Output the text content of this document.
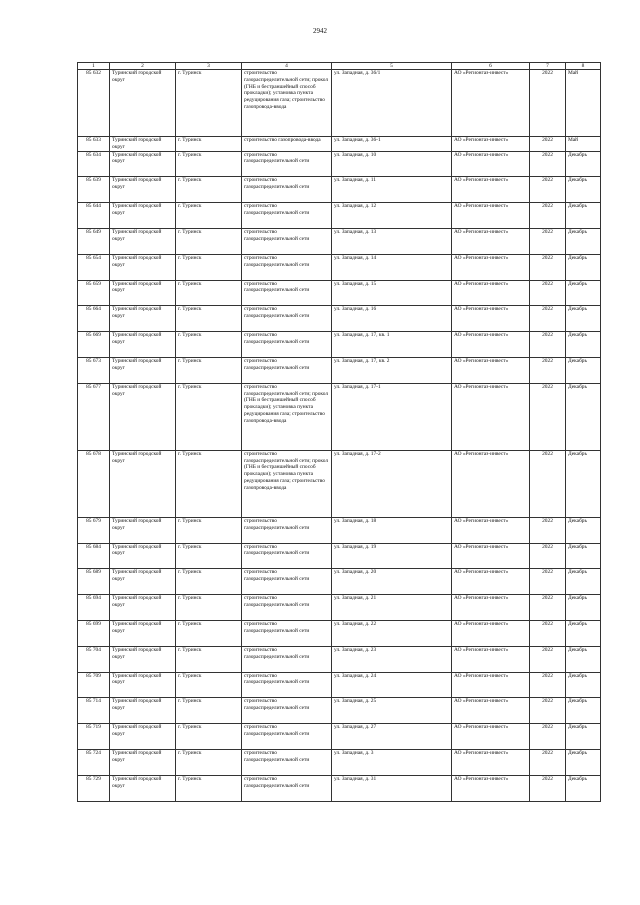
2942
1	2	3	4	5	6	7	8
85 632	Туринский городской округ	г. Туринск	строительство газораспределительной сети; прокол (ГНБ и бестраншейный способ прокладки); установка пункта редуцирования газа; строительство газопровода-ввода	ул. Западная, д. 36/1	АО «Регионгаз-инвест»	2022	Май
85 633	Туринский городской округ	г. Туринск	строительство газопровода-ввода	ул. Западная, д. 36-1	АО «Регионгаз-инвест»	2022	Май
85 634	Туринский городской округ	г. Туринск	строительство газораспределительной сети	ул. Западная, д. 10	АО «Регионгаз-инвест»	2022	Декабрь
85 639	Туринский городской округ	г. Туринск	строительство газораспределительной сети	ул. Западная, д. 11	АО «Регионгаз-инвест»	2022	Декабрь
85 644	Туринский городской округ	г. Туринск	строительство газораспределительной сети	ул. Западная, д. 12	АО «Регионгаз-инвест»	2022	Декабрь
85 649	Туринский городской округ	г. Туринск	строительство газораспределительной сети	ул. Западная, д. 13	АО «Регионгаз-инвест»	2022	Декабрь
85 654	Туринский городской округ	г. Туринск	строительство газораспределительной сети	ул. Западная, д. 14	АО «Регионгаз-инвест»	2022	Декабрь
85 659	Туринский городской округ	г. Туринск	строительство газораспределительной сети	ул. Западная, д. 15	АО «Регионгаз-инвест»	2022	Декабрь
85 664	Туринский городской округ	г. Туринск	строительство газораспределительной сети	ул. Западная, д. 16	АО «Регионгаз-инвест»	2022	Декабрь
85 669	Туринский городской округ	г. Туринск	строительство газораспределительной сети	ул. Западная, д. 17, кв. 1	АО «Регионгаз-инвест»	2022	Декабрь
85 673	Туринский городской округ	г. Туринск	строительство газораспределительной сети	ул. Западная, д. 17, кв. 2	АО «Регионгаз-инвест»	2022	Декабрь
85 677	Туринский городской округ	г. Туринск	строительство газораспределительной сети; прокол (ГНБ и бестраншейный способ прокладки); установка пункта редуцирования газа; строительство газопровода-ввода	ул. Западная, д. 17-1	АО «Регионгаз-инвест»	2022	Декабрь
85 678	Туринский городской округ	г. Туринск	строительство газораспределительной сети; прокол (ГНБ и бестраншейный способ прокладки); установка пункта редуцирования газа; строительство газопровода-ввода	ул. Западная, д. 17-2	АО «Регионгаз-инвест»	2022	Декабрь
85 679	Туринский городской округ	г. Туринск	строительство газораспределительной сети	ул. Западная, д. 18	АО «Регионгаз-инвест»	2022	Декабрь
85 684	Туринский городской округ	г. Туринск	строительство газораспределительной сети	ул. Западная, д. 19	АО «Регионгаз-инвест»	2022	Декабрь
85 689	Туринский городской округ	г. Туринск	строительство газораспределительной сети	ул. Западная, д. 20	АО «Регионгаз-инвест»	2022	Декабрь
85 694	Туринский городской округ	г. Туринск	строительство газораспределительной сети	ул. Западная, д. 21	АО «Регионгаз-инвест»	2022	Декабрь
85 699	Туринский городской округ	г. Туринск	строительство газораспределительной сети	ул. Западная, д. 22	АО «Регионгаз-инвест»	2022	Декабрь
85 704	Туринский городской округ	г. Туринск	строительство газораспределительной сети	ул. Западная, д. 23	АО «Регионгаз-инвест»	2022	Декабрь
85 709	Туринский городской округ	г. Туринск	строительство газораспределительной сети	ул. Западная, д. 24	АО «Регионгаз-инвест»	2022	Декабрь
85 714	Туринский городской округ	г. Туринск	строительство газораспределительной сети	ул. Западная, д. 25	АО «Регионгаз-инвест»	2022	Декабрь
85 719	Туринский городской округ	г. Туринск	строительство газораспределительной сети	ул. Западная, д. 27	АО «Регионгаз-инвест»	2022	Декабрь
85 724	Туринский городской округ	г. Туринск	строительство газораспределительной сети	ул. Западная, д. 3	АО «Регионгаз-инвест»	2022	Декабрь
85 729	Туринский городской округ	г. Туринск	строительство газораспределительной сети	ул. Западная, д. 31	АО «Регионгаз-инвест»	2022	Декабрь
